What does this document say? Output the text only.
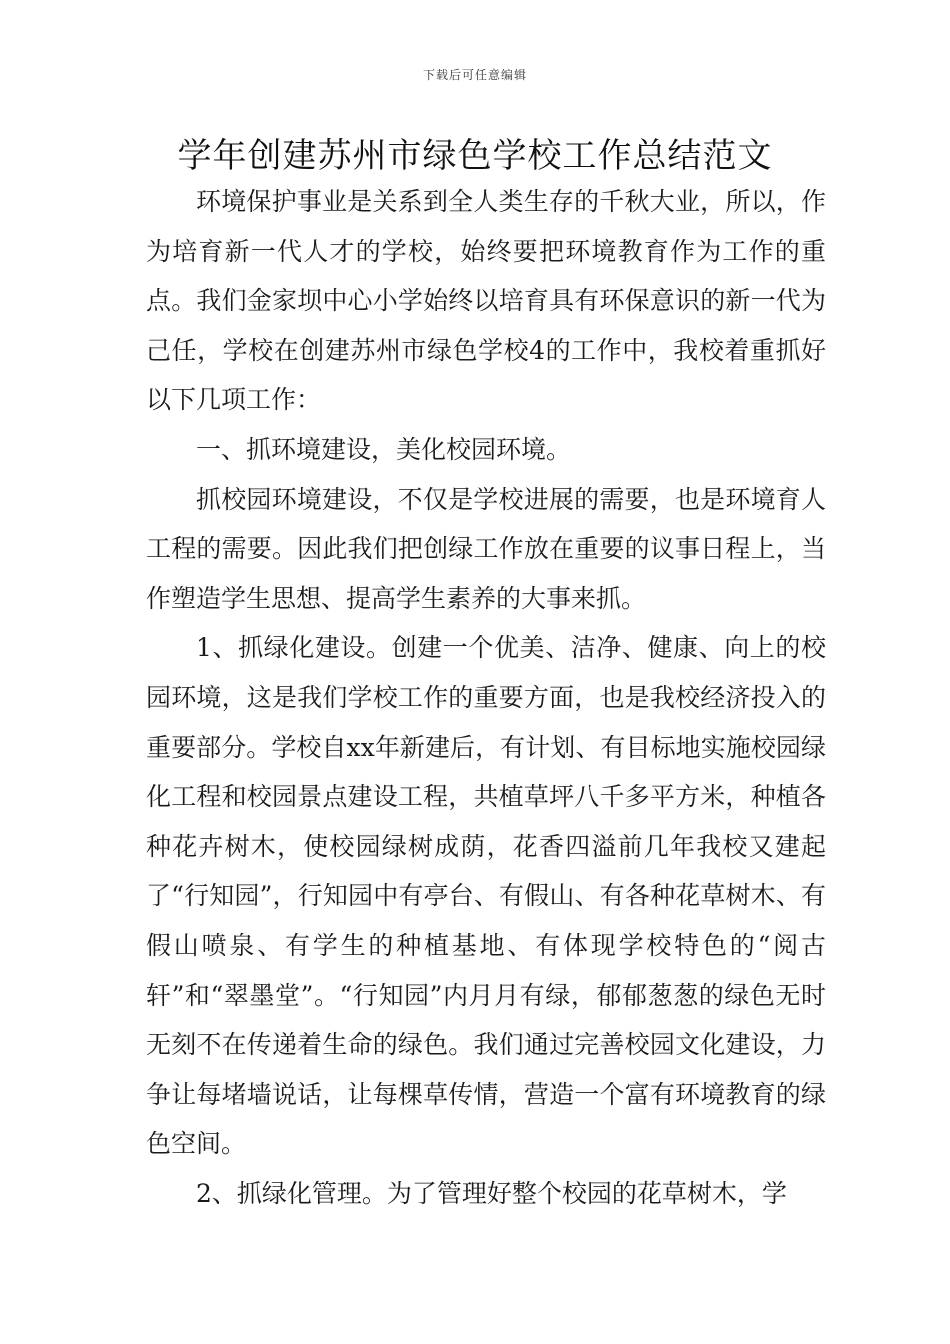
下载后可任意编辑
学年创建苏州市绿色学校工作总结范文

环境保护事业是关系到全人类生存的千秋大业，所以，作为培育新一代人才的学校，始终要把环境教育作为工作的重点。我们金家坝中心小学始终以培育具有环保意识的新一代为己任，学校在创建苏州市绿色学校4的工作中，我校着重抓好以下几项工作：

一、抓环境建设，美化校园环境。

抓校园环境建设，不仅是学校进展的需要，也是环境育人工程的需要。因此我们把创绿工作放在重要的议事日程上，当作塑造学生思想、提高学生素养的大事来抓。

1、抓绿化建设。创建一个优美、洁净、健康、向上的校园环境，这是我们学校工作的重要方面，也是我校经济投入的重要部分。学校自xx年新建后，有计划、有目标地实施校园绿化工程和校园景点建设工程，共植草坪八千多平方米，种植各种花卉树木，使校园绿树成荫，花香四溢前几年我校又建起了“行知园”，行知园中有亭台、有假山、有各种花草树木、有假山喷泉、有学生的种植基地、有体现学校特色的“阅古轩”和“翠墨堂”。“行知园”内月月有绿，郁郁葱葱的绿色无时无刻不在传递着生命的绿色。我们通过完善校园文化建设，力争让每堵墙说话，让每棵草传情，营造一个富有环境教育的绿色空间。

2、抓绿化管理。为了管理好整个校园的花草树木，学
